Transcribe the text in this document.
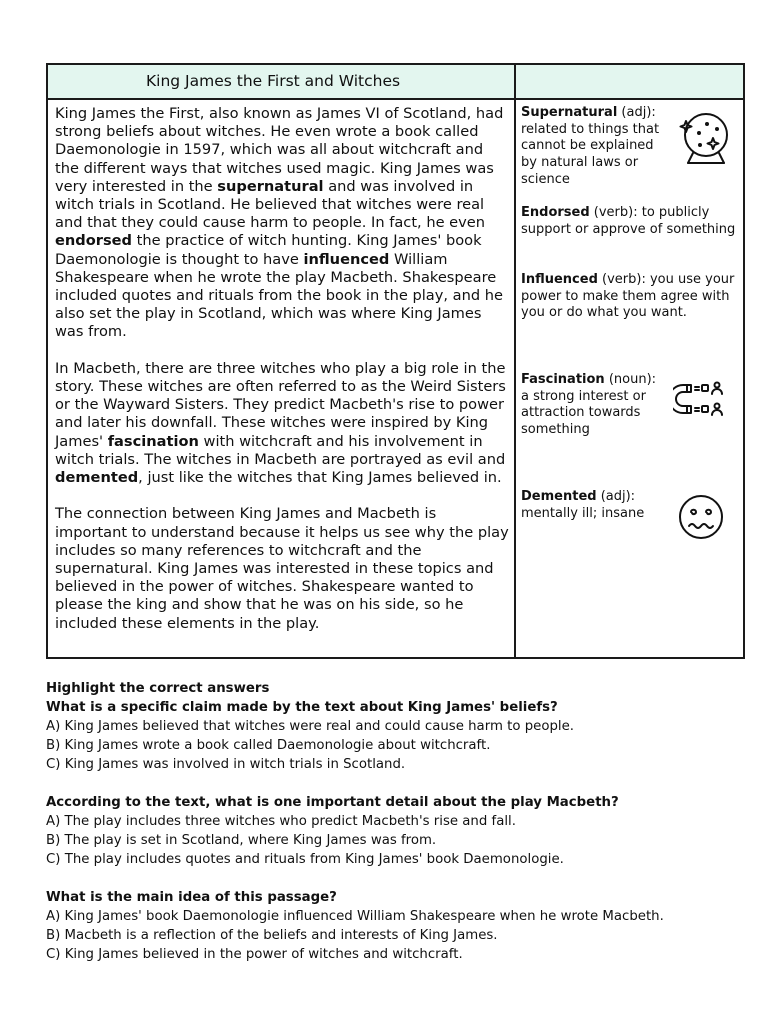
King James the First and Witches

King James the First, also known as James VI of Scotland, had strong beliefs about witches. He even wrote a book called Daemonologie in 1597, which was all about witchcraft and the different ways that witches used magic. King James was very interested in the supernatural and was involved in witch trials in Scotland. He believed that witches were real and that they could cause harm to people. In fact, he even endorsed the practice of witch hunting. King James' book Daemonologie is thought to have influenced William Shakespeare when he wrote the play Macbeth. Shakespeare included quotes and rituals from the book in the play, and he also set the play in Scotland, which was where King James was from.

In Macbeth, there are three witches who play a big role in the story. These witches are often referred to as the Weird Sisters or the Wayward Sisters. They predict Macbeth's rise to power and later his downfall. These witches were inspired by King James' fascination with witchcraft and his involvement in witch trials. The witches in Macbeth are portrayed as evil and demented, just like the witches that King James believed in.

The connection between King James and Macbeth is important to understand because it helps us see why the play includes so many references to witchcraft and the supernatural. King James was interested in these topics and believed in the power of witches. Shakespeare wanted to please the king and show that he was on his side, so he included these elements in the play.

Supernatural (adj): related to things that cannot be explained by natural laws or science
Endorsed (verb): to publicly support or approve of something
Influenced (verb): you use your power to make them agree with you or do what you want.
Fascination (noun): a strong interest or attraction towards something
Demented (adj): mentally ill; insane
Highlight the correct answers
What is a specific claim made by the text about King James' beliefs?
A) King James believed that witches were real and could cause harm to people.
B) King James wrote a book called Daemonologie about witchcraft.
C) King James was involved in witch trials in Scotland.
According to the text, what is one important detail about the play Macbeth?
A) The play includes three witches who predict Macbeth's rise and fall.
B) The play is set in Scotland, where King James was from.
C) The play includes quotes and rituals from King James' book Daemonologie.
What is the main idea of this passage?
A) King James' book Daemonologie influenced William Shakespeare when he wrote Macbeth.
B) Macbeth is a reflection of the beliefs and interests of King James.
C) King James believed in the power of witches and witchcraft.
